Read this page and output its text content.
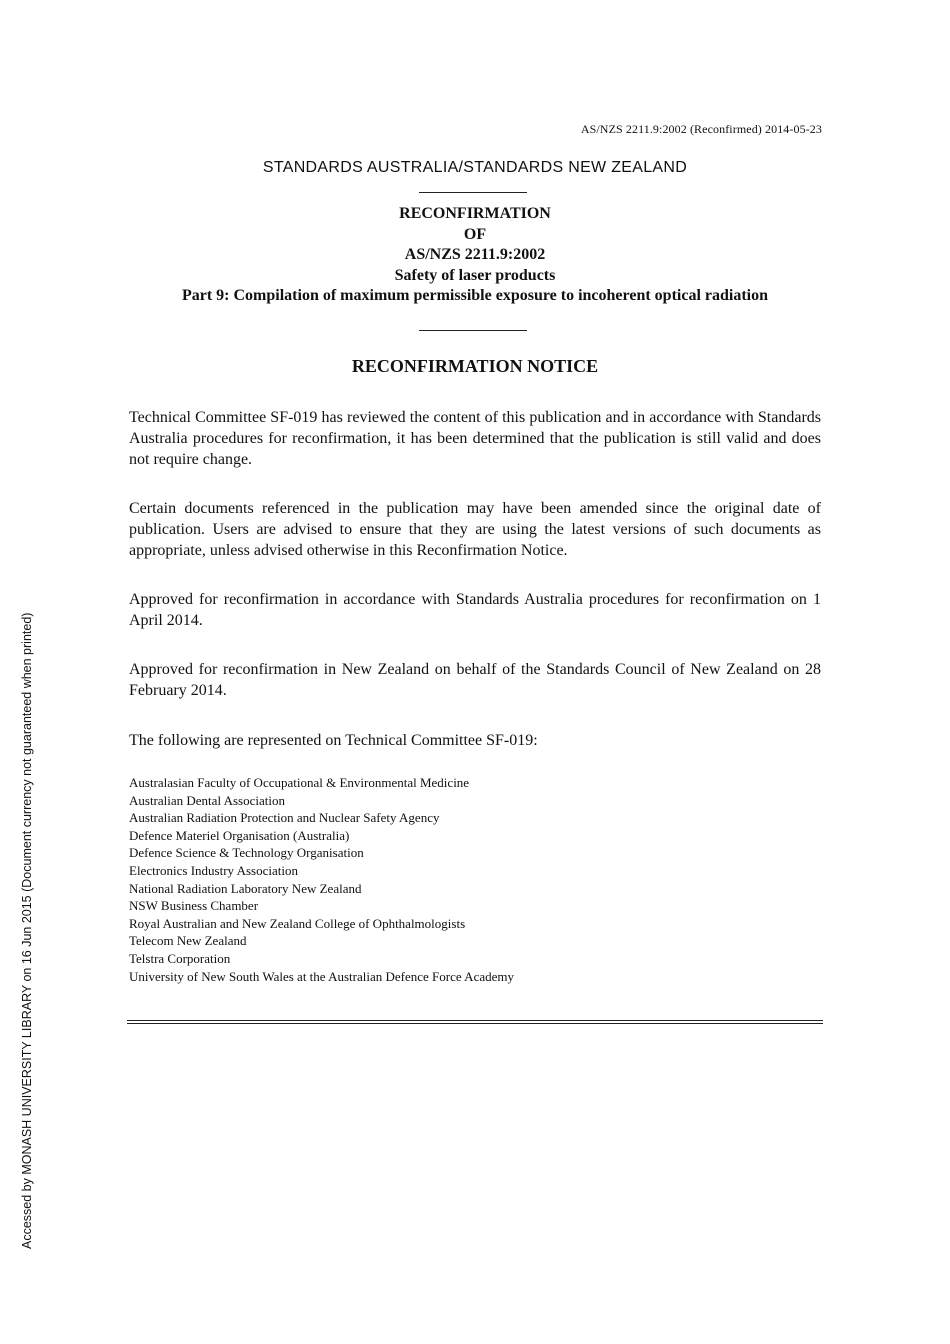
AS/NZS 2211.9:2002 (Reconfirmed) 2014-05-23
STANDARDS AUSTRALIA/STANDARDS NEW ZEALAND
RECONFIRMATION
OF
AS/NZS 2211.9:2002
Safety of laser products
Part 9: Compilation of maximum permissible exposure to incoherent optical radiation
RECONFIRMATION NOTICE

Technical Committee SF-019 has reviewed the content of this publication and in accordance with Standards Australia procedures for reconfirmation, it has been determined that the publication is still valid and does not require change.

Certain documents referenced in the publication may have been amended since the original date of publication. Users are advised to ensure that they are using the latest versions of such documents as appropriate, unless advised otherwise in this Reconfirmation Notice.

Approved for reconfirmation in accordance with Standards Australia procedures for reconfirmation on 1 April 2014.

Approved for reconfirmation in New Zealand on behalf of the Standards Council of New Zealand on 28 February 2014.

The following are represented on Technical Committee SF-019:

Australasian Faculty of Occupational & Environmental Medicine
Australian Dental Association
Australian Radiation Protection and Nuclear Safety Agency
Defence Materiel Organisation (Australia)
Defence Science & Technology Organisation
Electronics Industry Association
National Radiation Laboratory New Zealand
NSW Business Chamber
Royal Australian and New Zealand College of Ophthalmologists
Telecom New Zealand
Telstra Corporation
University of New South Wales at the Australian Defence Force Academy
Accessed by MONASH UNIVERSITY LIBRARY on 16 Jun 2015 (Document currency not guaranteed when printed)
